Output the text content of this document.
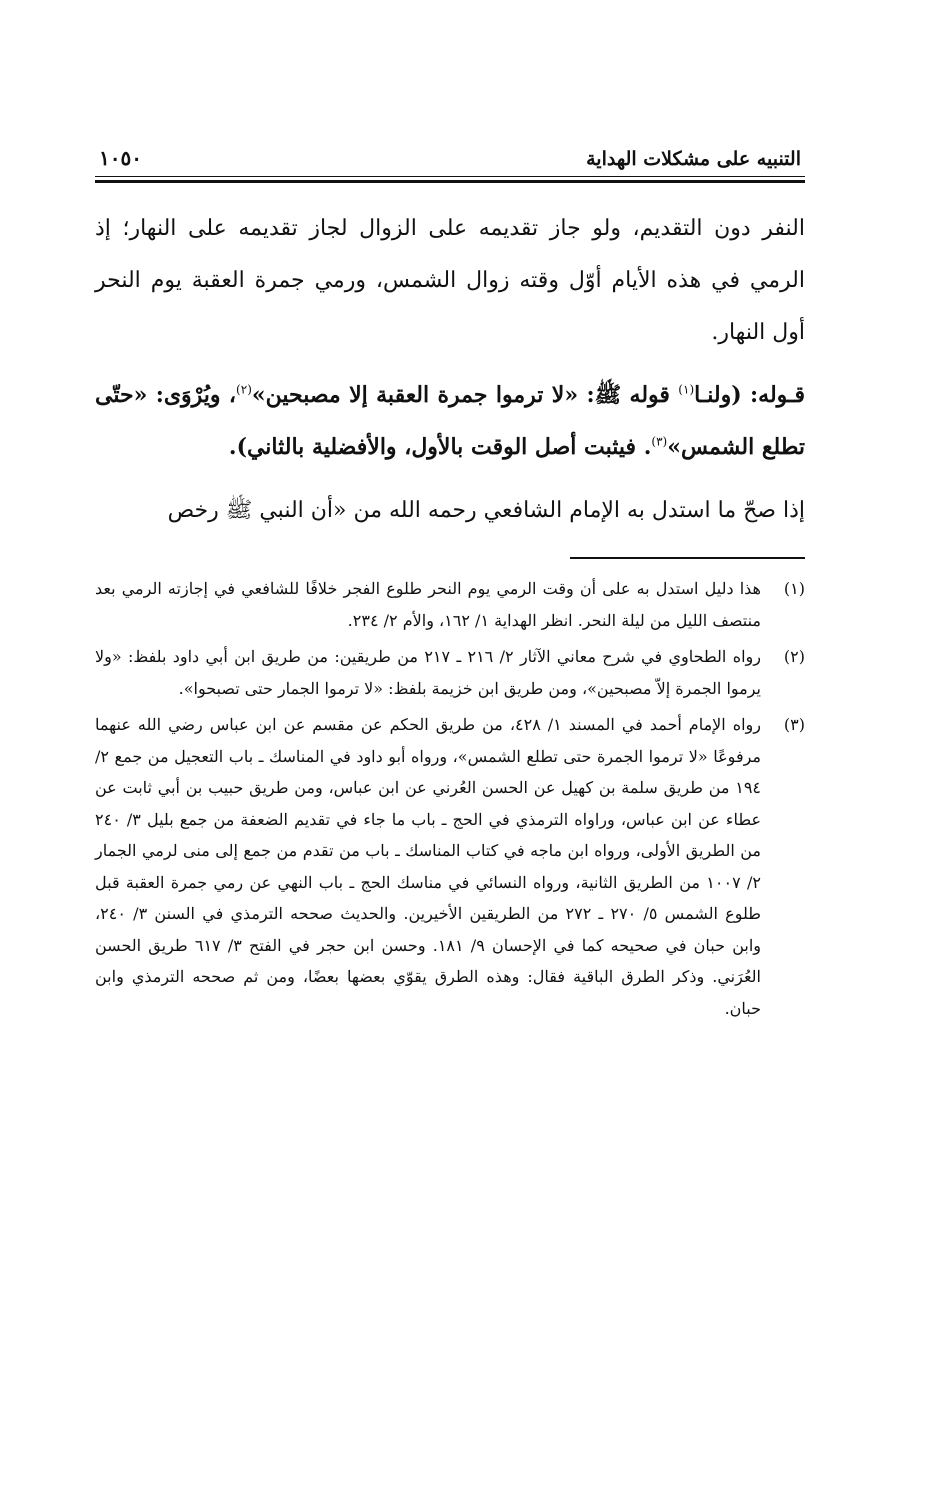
التنبيه على مشكلات الهداية
١٠٥٠

النفر دون التقديم، ولو جاز تقديمه على الزوال لجاز تقديمه على النهار؛ إذ الرمي في هذه الأيام أوّل وقته زوال الشمس، ورمي جمرة العقبة يوم النحر أول النهار.

قـوله: (ولنـا$^{(١)}$ قوله ﷺ: «لا ترموا جمرة العقبة إلا مصبحين»$^{(٢)}$، ويُرْوَى: «حتّى تطلع الشمس»$^{(٣)}$. فيثبت أصل الوقت بالأول، والأفضلية بالثاني).

إذا صحّ ما استدل به الإمام الشافعي رحمه الله من «أن النبي ﷺ رخص

(١)
هذا دليل استدل به على أن وقت الرمي يوم النحر طلوع الفجر خلافًا للشافعي في إجازته الرمي بعد منتصف الليل من ليلة النحر. انظر الهداية ١/ ١٦٢، والأم ٢/ ٢٣٤.
(٢)
رواه الطحاوي في شرح معاني الآثار ٢/ ٢١٦ ـ ٢١٧ من طريقين: من طريق ابن أبي داود بلفظ: «ولا يرموا الجمرة إلاّ مصبحين»، ومن طريق ابن خزيمة بلفظ: «لا ترموا الجمار حتى تصبحوا».
(٣)
رواه الإمام أحمد في المسند ١/ ٤٢٨، من طريق الحكم عن مقسم عن ابن عباس رضي الله عنهما مرفوعًا «لا ترموا الجمرة حتى تطلع الشمس»، ورواه أبو داود في المناسك ـ باب التعجيل من جمع ٢/ ١٩٤ من طريق سلمة بن كهيل عن الحسن العُرني عن ابن عباس، ومن طريق حبيب بن أبي ثابت عن عطاء عن ابن عباس، وراواه الترمذي في الحج ـ باب ما جاء في تقديم الضعفة من جمع بليل ٣/ ٢٤٠ من الطريق الأولى، ورواه ابن ماجه في كتاب المناسك ـ باب من تقدم من جمع إلى منى لرمي الجمار ٢/ ١٠٠٧ من الطريق الثانية، ورواه النسائي في مناسك الحج ـ باب النهي عن رمي جمرة العقبة قبل طلوع الشمس ٥/ ٢٧٠ ـ ٢٧٢ من الطريقين الأخيرين. والحديث صححه الترمذي في السنن ٣/ ٢٤٠، وابن حبان في صحيحه كما في الإحسان ٩/ ١٨١. وحسن ابن حجر في الفتح ٣/ ٦١٧ طريق الحسن العُرَني. وذكر الطرق الباقية فقال: وهذه الطرق يقوّي بعضها بعضًا، ومن ثم صححه الترمذي وابن حبان.
